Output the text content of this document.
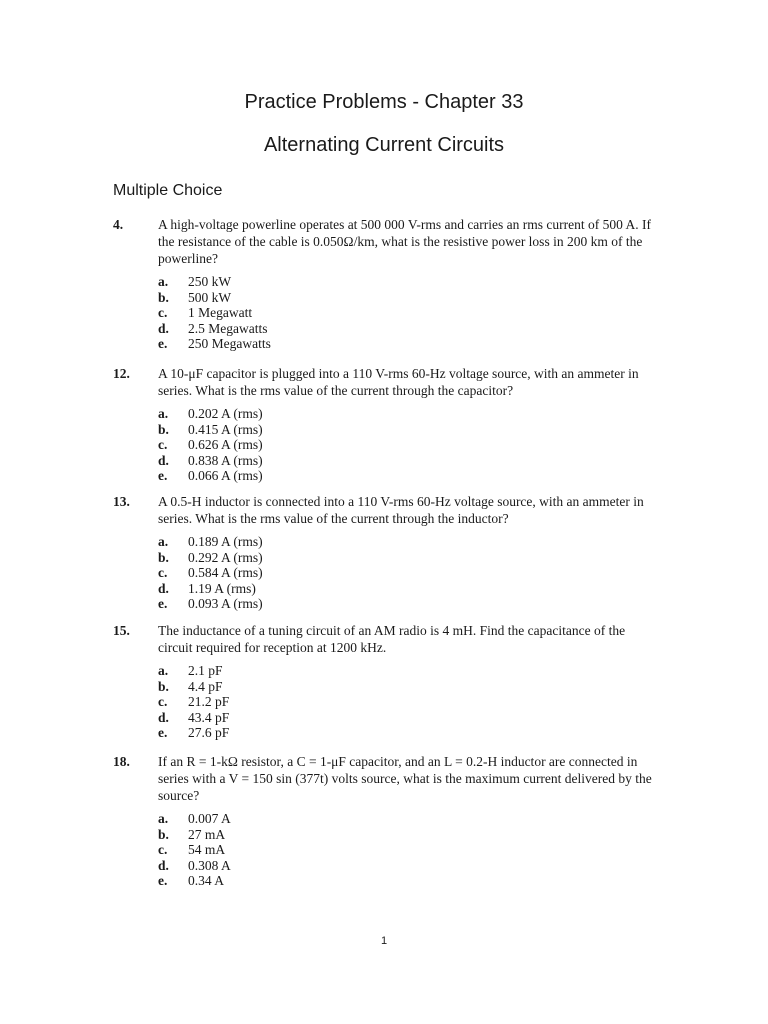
Practice Problems - Chapter 33
Alternating Current Circuits
Multiple Choice
4.	A high-voltage powerline operates at 500 000 V-rms and carries an rms current of 500 A. If the resistance of the cable is 0.050Ω/km, what is the resistive power loss in 200 km of the powerline?
a.	250 kW
b.	500 kW
c.	1 Megawatt
d.	2.5 Megawatts
e.	250 Megawatts
12. A 10-μF capacitor is plugged into a 110 V-rms 60-Hz voltage source, with an ammeter in series. What is the rms value of the current through the capacitor?
a.	0.202 A (rms)
b.	0.415 A (rms)
c.	0.626 A (rms)
d.	0.838 A (rms)
e.	0.066 A (rms)
13. A 0.5-H inductor is connected into a 110 V-rms 60-Hz voltage source, with an ammeter in series. What is the rms value of the current through the inductor?
a.	0.189 A (rms)
b.	0.292 A (rms)
c.	0.584 A (rms)
d.	1.19 A (rms)
e.	0.093 A (rms)
15. The inductance of a tuning circuit of an AM radio is 4 mH. Find the capacitance of the circuit required for reception at 1200 kHz.
a.	2.1 pF
b.	4.4 pF
c.	21.2 pF
d.	43.4 pF
e.	27.6 pF
18. If an R = 1-kΩ resistor, a C = 1-μF capacitor, and an L = 0.2-H inductor are connected in series with a V = 150 sin (377t) volts source, what is the maximum current delivered by the source?
a.	0.007 A
b.	27 mA
c.	54 mA
d.	0.308 A
e.	0.34 A
1
